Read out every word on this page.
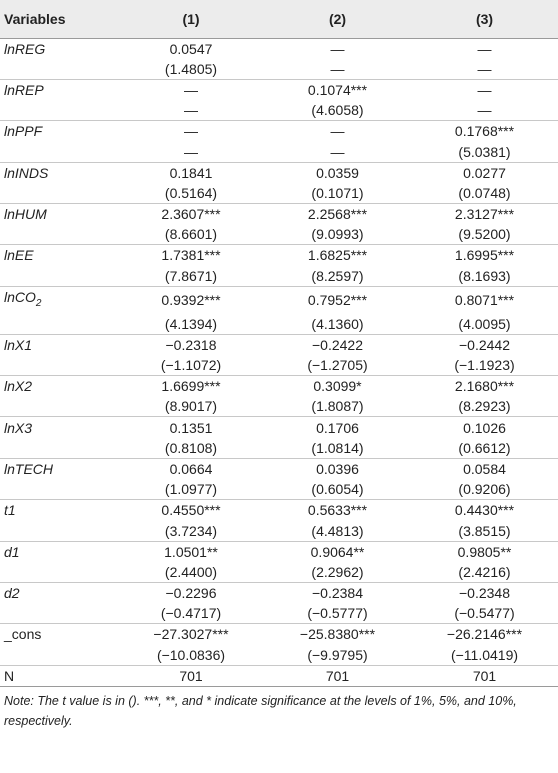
Variables	(1)	(2)	(3)
lnREG	0.0547	—	—
	(1.4805)	—	—
lnREP	—	0.1074***	—
	—	(4.6058)	—
lnPPF	—	—	0.1768***
	—	—	(5.0381)
lnINDS	0.1841	0.0359	0.0277
	(0.5164)	(0.1071)	(0.0748)
lnHUM	2.3607***	2.2568***	2.3127***
	(8.6601)	(9.0993)	(9.5200)
lnEE	1.7381***	1.6825***	1.6995***
	(7.8671)	(8.2597)	(8.1693)
lnCO$_2$	0.9392***	0.7952***	0.8071***
	(4.1394)	(4.1360)	(4.0095)
lnX1	−0.2318	−0.2422	−0.2442
	(−1.1072)	(−1.2705)	(−1.1923)
lnX2	1.6699***	0.3099*	2.1680***
	(8.9017)	(1.8087)	(8.2923)
lnX3	0.1351	0.1706	0.1026
	(0.8108)	(1.0814)	(0.6612)
lnTECH	0.0664	0.0396	0.0584
	(1.0977)	(0.6054)	(0.9206)
t1	0.4550***	0.5633***	0.4430***
	(3.7234)	(4.4813)	(3.8515)
d1	1.0501**	0.9064**	0.9805**
	(2.4400)	(2.2962)	(2.4216)
d2	−0.2296	−0.2384	−0.2348
	(−0.4717)	(−0.5777)	(−0.5477)
_cons	−27.3027***	−25.8380***	−26.2146***
	(−10.0836)	(−9.9795)	(−11.0419)
N	701	701	701
Note: The t value is in (). ***, **, and * indicate significance at the levels of 1%, 5%, and 10%, respectively.
